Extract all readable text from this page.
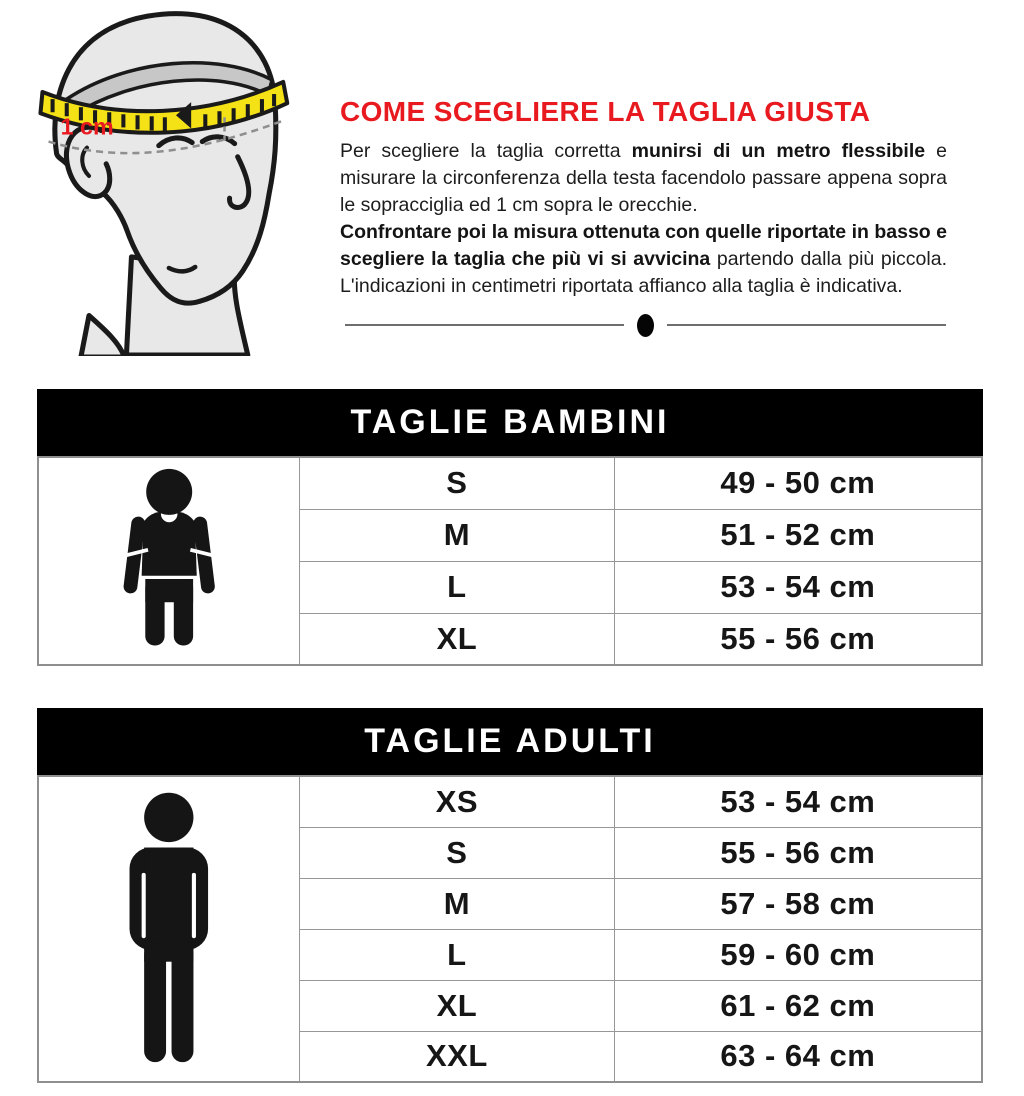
1 cm	COME SCEGLIERE LA TAGLIA GIUSTA

Per scegliere la taglia corretta munirsi di un metro flessibile e misurare la circonferenza della testa facendolo passare appena sopra le sopracciglia ed 1 cm sopra le orecchie.

Confrontare poi la misura ottenuta con quelle riportate in basso e scegliere la taglia che più vi si avvicina partendo dalla più piccola. L'indicazioni in centimetri riportata affianco alla taglia è indicativa.

TAGLIE BAMBINI
	S	49 - 50 cm
	M	51 - 52 cm
	L	53 - 54 cm
	XL	55 - 56 cm
TAGLIE ADULTI
	XS	53 - 54 cm
	S	55 - 56 cm
	M	57 - 58 cm
	L	59 - 60 cm
	XL	61 - 62 cm
	XXL	63 - 64 cm
